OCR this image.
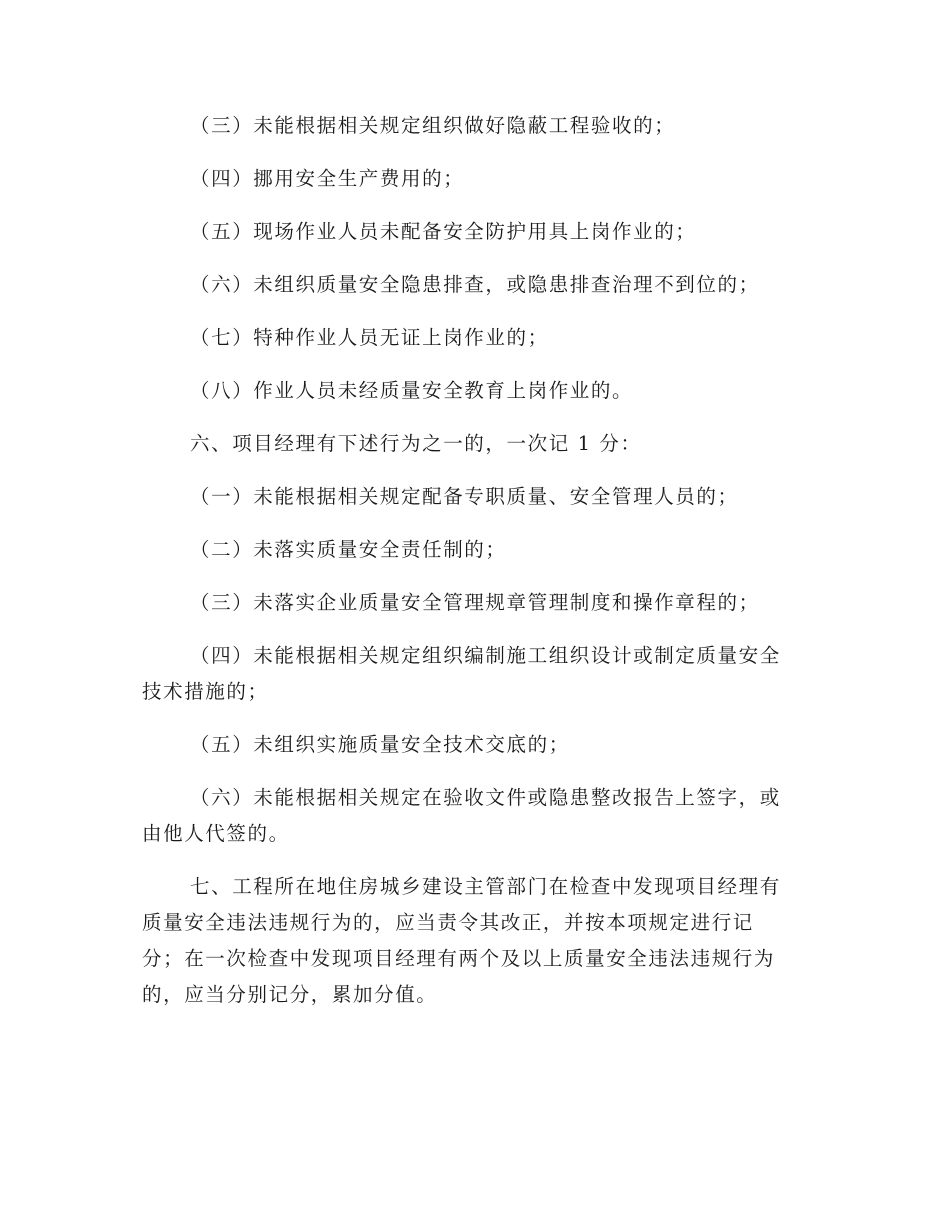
（三）未能根据相关规定组织做好隐蔽工程验收的；

（四）挪用安全生产费用的；

（五）现场作业人员未配备安全防护用具上岗作业的；

（六）未组织质量安全隐患排查，或隐患排查治理不到位的；

（七）特种作业人员无证上岗作业的；

（八）作业人员未经质量安全教育上岗作业的。

六、项目经理有下述行为之一的，一次记 1 分：

（一）未能根据相关规定配备专职质量、安全管理人员的；

（二）未落实质量安全责任制的；

（三）未落实企业质量安全管理规章管理制度和操作章程的；

（四）未能根据相关规定组织编制施工组织设计或制定质量安全
技术措施的；

（五）未组织实施质量安全技术交底的；

（六）未能根据相关规定在验收文件或隐患整改报告上签字，或
由他人代签的。

七、工程所在地住房城乡建设主管部门在检查中发现项目经理有
质量安全违法违规行为的，应当责令其改正，并按本项规定进行记
分；在一次检查中发现项目经理有两个及以上质量安全违法违规行为
的，应当分别记分，累加分值。
